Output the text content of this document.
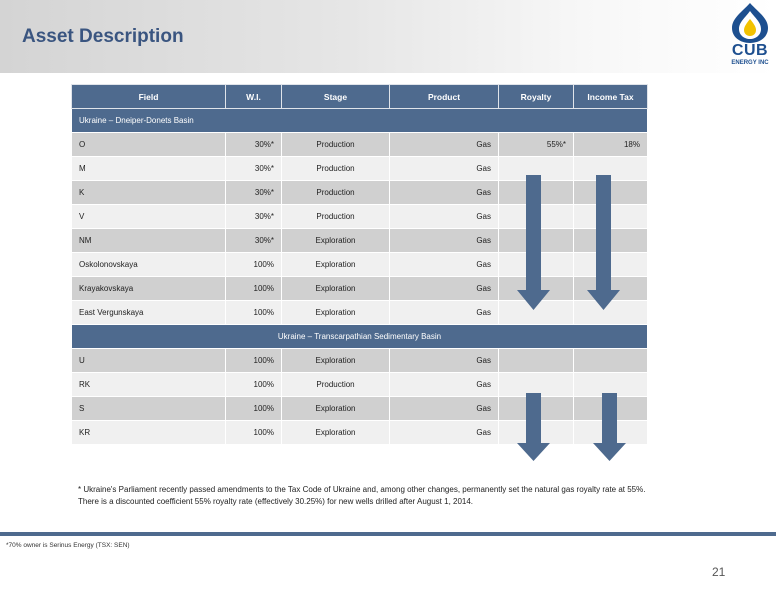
Asset Description
CUB
ENERGY INC
Field	W.I.	Stage	Product	Royalty	Income Tax
Ukraine – Dneiper-Donets Basin					
O	30%*	Production	Gas	55%*	18%
M	30%*	Production	Gas		
K	30%*	Production	Gas		
V	30%*	Production	Gas		
NM	30%*	Exploration	Gas		
Oskolonovskaya	100%	Exploration	Gas		
Krayakovskaya	100%	Exploration	Gas		
East Vergunskaya	100%	Exploration	Gas		
Ukraine – Transcarpathian Sedimentary Basin					
U	100%	Exploration	Gas		
RK	100%	Production	Gas		
S	100%	Exploration	Gas		
KR	100%	Exploration	Gas		

* Ukraine's Parliament recently passed amendments to the Tax Code of Ukraine and, among other changes, permanently set the natural gas royalty rate at 55%. There is a discounted coefficient 55% royalty rate (effectively 30.25%) for new wells drilled after August 1, 2014.

*70% owner is Serinus Energy (TSX: SEN)
21
